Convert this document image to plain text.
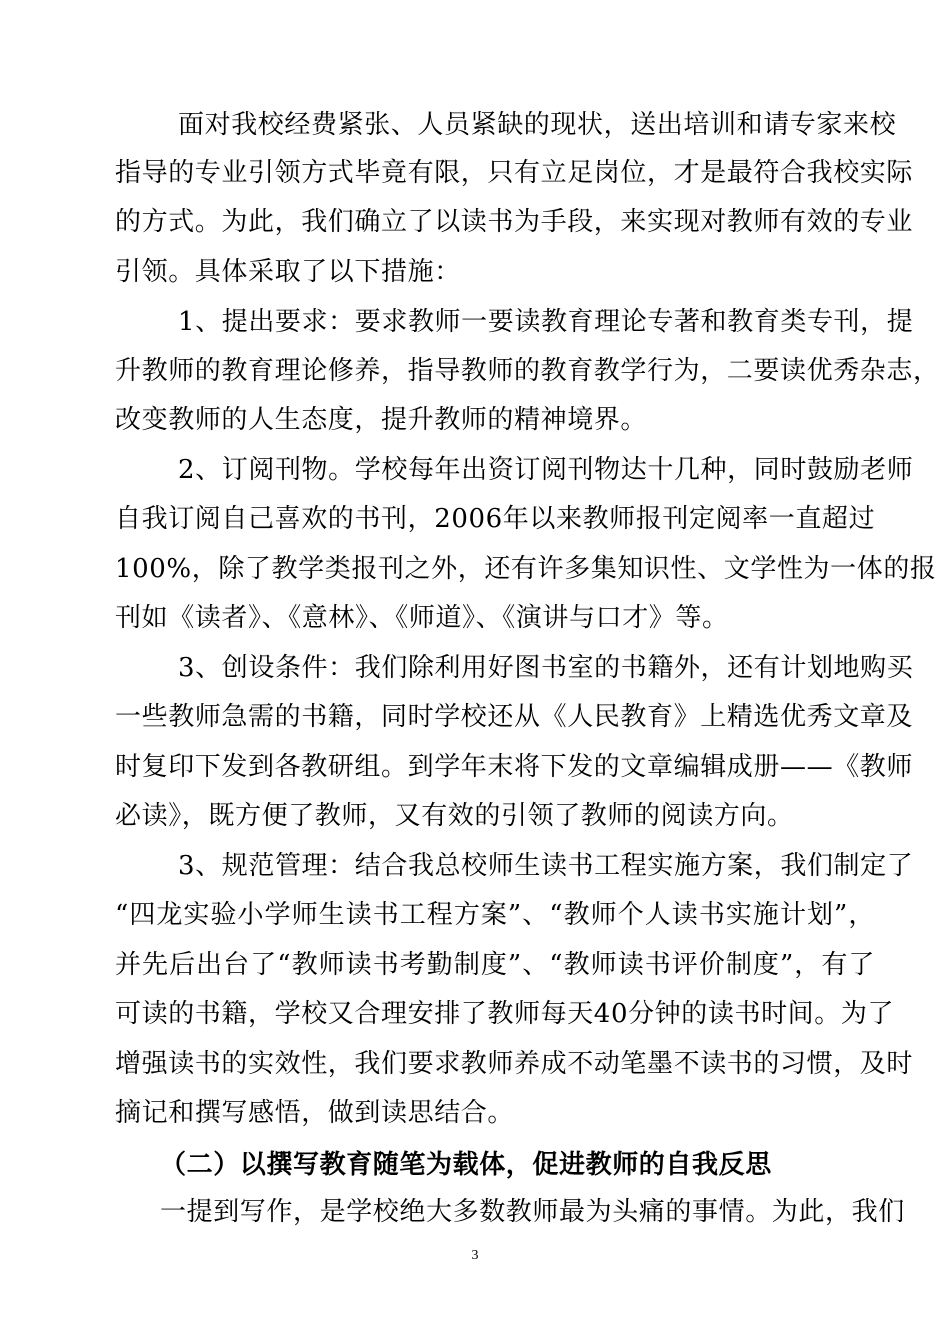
面对我校经费紧张、人员紧缺的现状，送出培训和请专家来校
指导的专业引领方式毕竟有限，只有立足岗位，才是最符合我校实际
的方式。为此，我们确立了以读书为手段，来实现对教师有效的专业
引领。具体采取了以下措施：
1、提出要求：要求教师一要读教育理论专著和教育类专刊，提
升教师的教育理论修养，指导教师的教育教学行为，二要读优秀杂志，
改变教师的人生态度，提升教师的精神境界。
2、订阅刊物。学校每年出资订阅刊物达十几种，同时鼓励老师
自我订阅自己喜欢的书刊，2006年以来教师报刊定阅率一直超过
100%，除了教学类报刊之外，还有许多集知识性、文学性为一体的报
刊如《读者》、《意林》、《师道》、《演讲与口才》等。
3、创设条件：我们除利用好图书室的书籍外，还有计划地购买
一些教师急需的书籍，同时学校还从《人民教育》上精选优秀文章及
时复印下发到各教研组。到学年末将下发的文章编辑成册——《教师
必读》，既方便了教师，又有效的引领了教师的阅读方向。
3、规范管理：结合我总校师生读书工程实施方案，我们制定了
“四龙实验小学师生读书工程方案”、“教师个人读书实施计划”，
并先后出台了“教师读书考勤制度”、“教师读书评价制度”，有了
可读的书籍，学校又合理安排了教师每天40分钟的读书时间。为了
增强读书的实效性，我们要求教师养成不动笔墨不读书的习惯，及时
摘记和撰写感悟，做到读思结合。
（二）以撰写教育随笔为载体，促进教师的自我反思
一提到写作，是学校绝大多数教师最为头痛的事情。为此，我们
3
